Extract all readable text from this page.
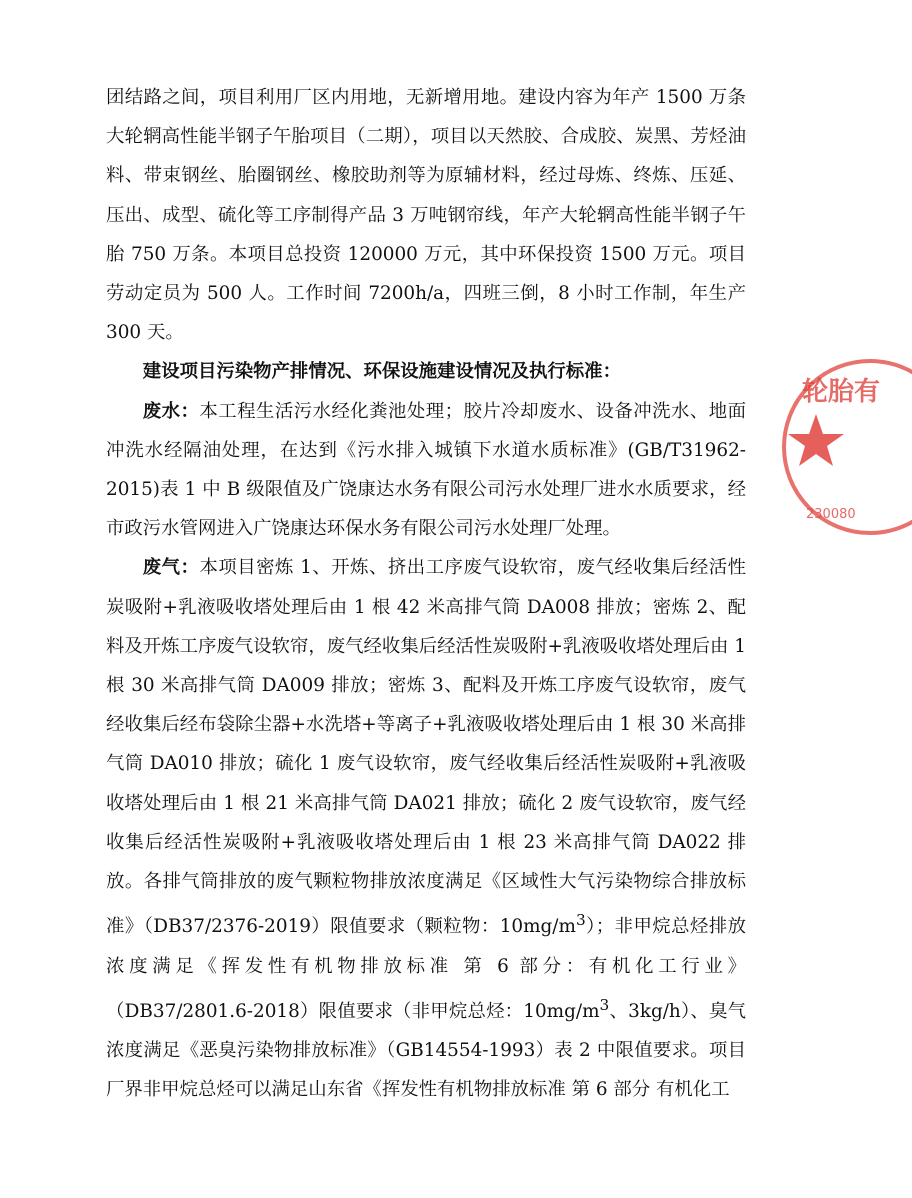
团结路之间，项目利用厂区内用地，无新增用地。建设内容为年产 1500 万条大轮辋高性能半钢子午胎项目（二期），项目以天然胶、合成胶、炭黑、芳烃油料、带束钢丝、胎圈钢丝、橡胶助剂等为原辅材料，经过母炼、终炼、压延、压出、成型、硫化等工序制得产品 3 万吨钢帘线，年产大轮辋高性能半钢子午胎 750 万条。本项目总投资 120000 万元，其中环保投资 1500 万元。项目劳动定员为 500 人。工作时间 7200h/a，四班三倒，8 小时工作制，年生产 300 天。

建设项目污染物产排情况、环保设施建设情况及执行标准：

废水：本工程生活污水经化粪池处理；胶片冷却废水、设备冲洗水、地面冲洗水经隔油处理，在达到《污水排入城镇下水道水质标准》(GB/T31962-2015)表 1 中 B 级限值及广饶康达水务有限公司污水处理厂进水水质要求，经市政污水管网进入广饶康达环保水务有限公司污水处理厂处理。

废气：本项目密炼 1、开炼、挤出工序废气设软帘，废气经收集后经活性炭吸附+乳液吸收塔处理后由 1 根 42 米高排气筒 DA008 排放；密炼 2、配料及开炼工序废气设软帘，废气经收集后经活性炭吸附+乳液吸收塔处理后由 1 根 30 米高排气筒 DA009 排放；密炼 3、配料及开炼工序废气设软帘，废气经收集后经布袋除尘器+水洗塔+等离子+乳液吸收塔处理后由 1 根 30 米高排气筒 DA010 排放；硫化 1 废气设软帘，废气经收集后经活性炭吸附+乳液吸收塔处理后由 1 根 21 米高排气筒 DA021 排放；硫化 2 废气设软帘，废气经收集后经活性炭吸附+乳液吸收塔处理后由 1 根 23 米高排气筒 DA022 排放。各排气筒排放的废气颗粒物排放浓度满足《区域性大气污染物综合排放标准》（DB37/2376-2019）限值要求（颗粒物：$10mg/m^3$）；非甲烷总烃排放浓度满足《挥发性有机物排放标准 第 6 部分：有机化工行业》（DB37/2801.6-2018）限值要求（非甲烷总烃：$10mg/m^3$、3kg/h）、臭气浓度满足《恶臭污染物排放标准》（GB14554-1993）表 2 中限值要求。项目厂界非甲烷总烃可以满足山东省《挥发性有机物排放标准 第 6 部分 有机化工

轮胎有
230080
